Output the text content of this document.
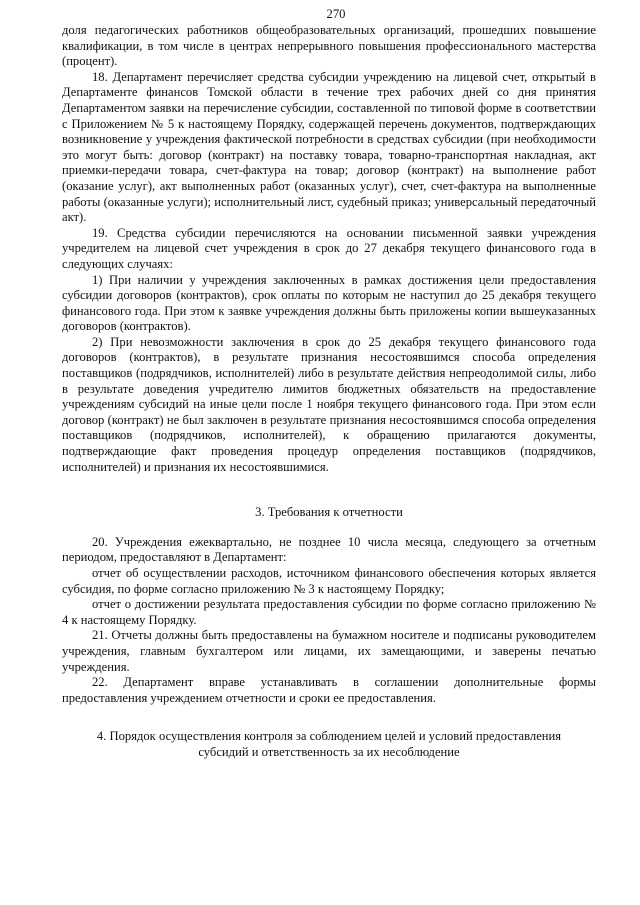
270

доля педагогических работников общеобразовательных организаций, прошедших повышение квалификации, в том числе в центрах непрерывного повышения профессионального мастерства (процент).

18. Департамент перечисляет средства субсидии учреждению на лицевой счет, открытый в Департаменте финансов Томской области в течение трех рабочих дней со дня принятия Департаментом заявки на перечисление субсидии, составленной по типовой форме в соответствии с Приложением № 5 к настоящему Порядку, содержащей перечень документов, подтверждающих возникновение у учреждения фактической потребности в средствах субсидии (при необходимости это могут быть: договор (контракт) на поставку товара, товарно-транспортная накладная, акт приемки-передачи товара, счет-фактура на товар; договор (контракт) на выполнение работ (оказание услуг), акт выполненных работ (оказанных услуг), счет, счет-фактура на выполненные работы (оказанные услуги); исполнительный лист, судебный приказ; универсальный передаточный акт).

19. Средства субсидии перечисляются на основании письменной заявки учреждения учредителем на лицевой счет учреждения в срок до 27 декабря текущего финансового года в следующих случаях:

1) При наличии у учреждения заключенных в рамках достижения цели предоставления субсидии договоров (контрактов), срок оплаты по которым не наступил до 25 декабря текущего финансового года. При этом к заявке учреждения должны быть приложены копии вышеуказанных договоров (контрактов).

2) При невозможности заключения в срок до 25 декабря текущего финансового года договоров (контрактов), в результате признания несостоявшимся способа определения поставщиков (подрядчиков, исполнителей) либо в результате действия непреодолимой силы, либо в результате доведения учредителю лимитов бюджетных обязательств на предоставление учреждениям субсидий на иные цели после 1 ноября текущего финансового года. При этом если договор (контракт) не был заключен в результате признания несостоявшимся способа определения поставщиков (подрядчиков, исполнителей), к обращению прилагаются документы, подтверждающие факт проведения процедур определения поставщиков (подрядчиков, исполнителей) и признания их несостоявшимися.

3. Требования к отчетности

20. Учреждения ежеквартально, не позднее 10 числа месяца, следующего за отчетным периодом, предоставляют в Департамент:

отчет об осуществлении расходов, источником финансового обеспечения которых является субсидия, по форме согласно приложению № 3 к настоящему Порядку;

отчет о достижении результата предоставления субсидии по форме согласно приложению № 4 к настоящему Порядку.

21. Отчеты должны быть предоставлены на бумажном носителе и подписаны руководителем учреждения, главным бухгалтером или лицами, их замещающими, и заверены печатью учреждения.

22. Департамент вправе устанавливать в соглашении дополнительные формы предоставления учреждением отчетности и сроки ее предоставления.

4. Порядок осуществления контроля за соблюдением целей и условий предоставления
субсидий и ответственность за их несоблюдение
